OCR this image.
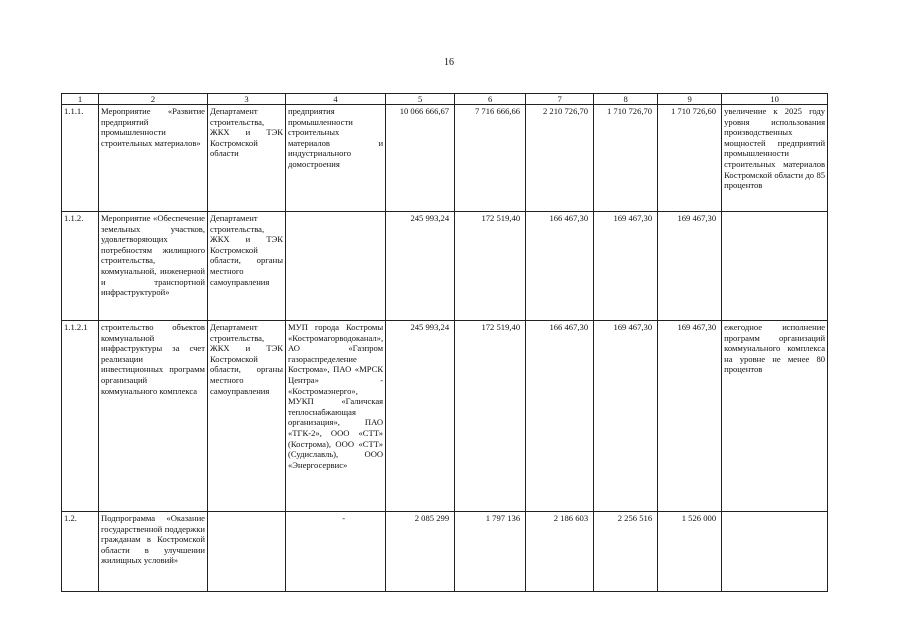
16
1	2	3	4	5	6	7	8	9	10
1.1.1.	Мероприятие «Развитие предприятий промышленности строительных материалов»	Департамент строительства, ЖКХ и ТЭК Костромской области	предприятия промышленности строительных материалов и индустриального домостроения	10 066 666,67	7 716 666,66	2 210 726,70	1 710 726,70	1 710 726,60	увеличение к 2025 году уровня использования производственных мощностей предприятий промышленности строительных материалов Костромской области до 85 процентов
1.1.2.	Мероприятие «Обеспечение земельных участков, удовлетворяющих потребностям жилищного строительства, коммунальной, инженерной и транспортной инфраструктурой»	Департамент строительства, ЖКХ и ТЭК Костромской области, органы местного самоуправления		245 993,24	172 519,40	166 467,30	169 467,30	169 467,30	
1.1.2.1	строительство объектов коммунальной инфраструктуры за счет реализации инвестиционных программ организаций коммунального комплекса	Департамент строительства, ЖКХ и ТЭК Костромской области, органы местного самоуправления	МУП города Костромы «Костромагорводоканал», АО «Газпром газораспределение Кострома», ПАО «МРСК Центра» - «Костромаэнерго», МУКП «Галичская теплоснабжающая организация», ПАО «ТГК-2», ООО «СТТ» (Кострома), ООО «СТТ» (Судиславль), ООО «Энергосервис»	245 993,24	172 519,40	166 467,30	169 467,30	169 467,30	ежегодное исполнение программ организаций коммунального комплекса на уровне не менее 80 процентов
1.2.	Подпрограмма «Оказание государственной поддержки гражданам в Костромской области в улучшении жилищных условий»		-	2 085 299	1 797 136	2 186 603	2 256 516	1 526 000	
